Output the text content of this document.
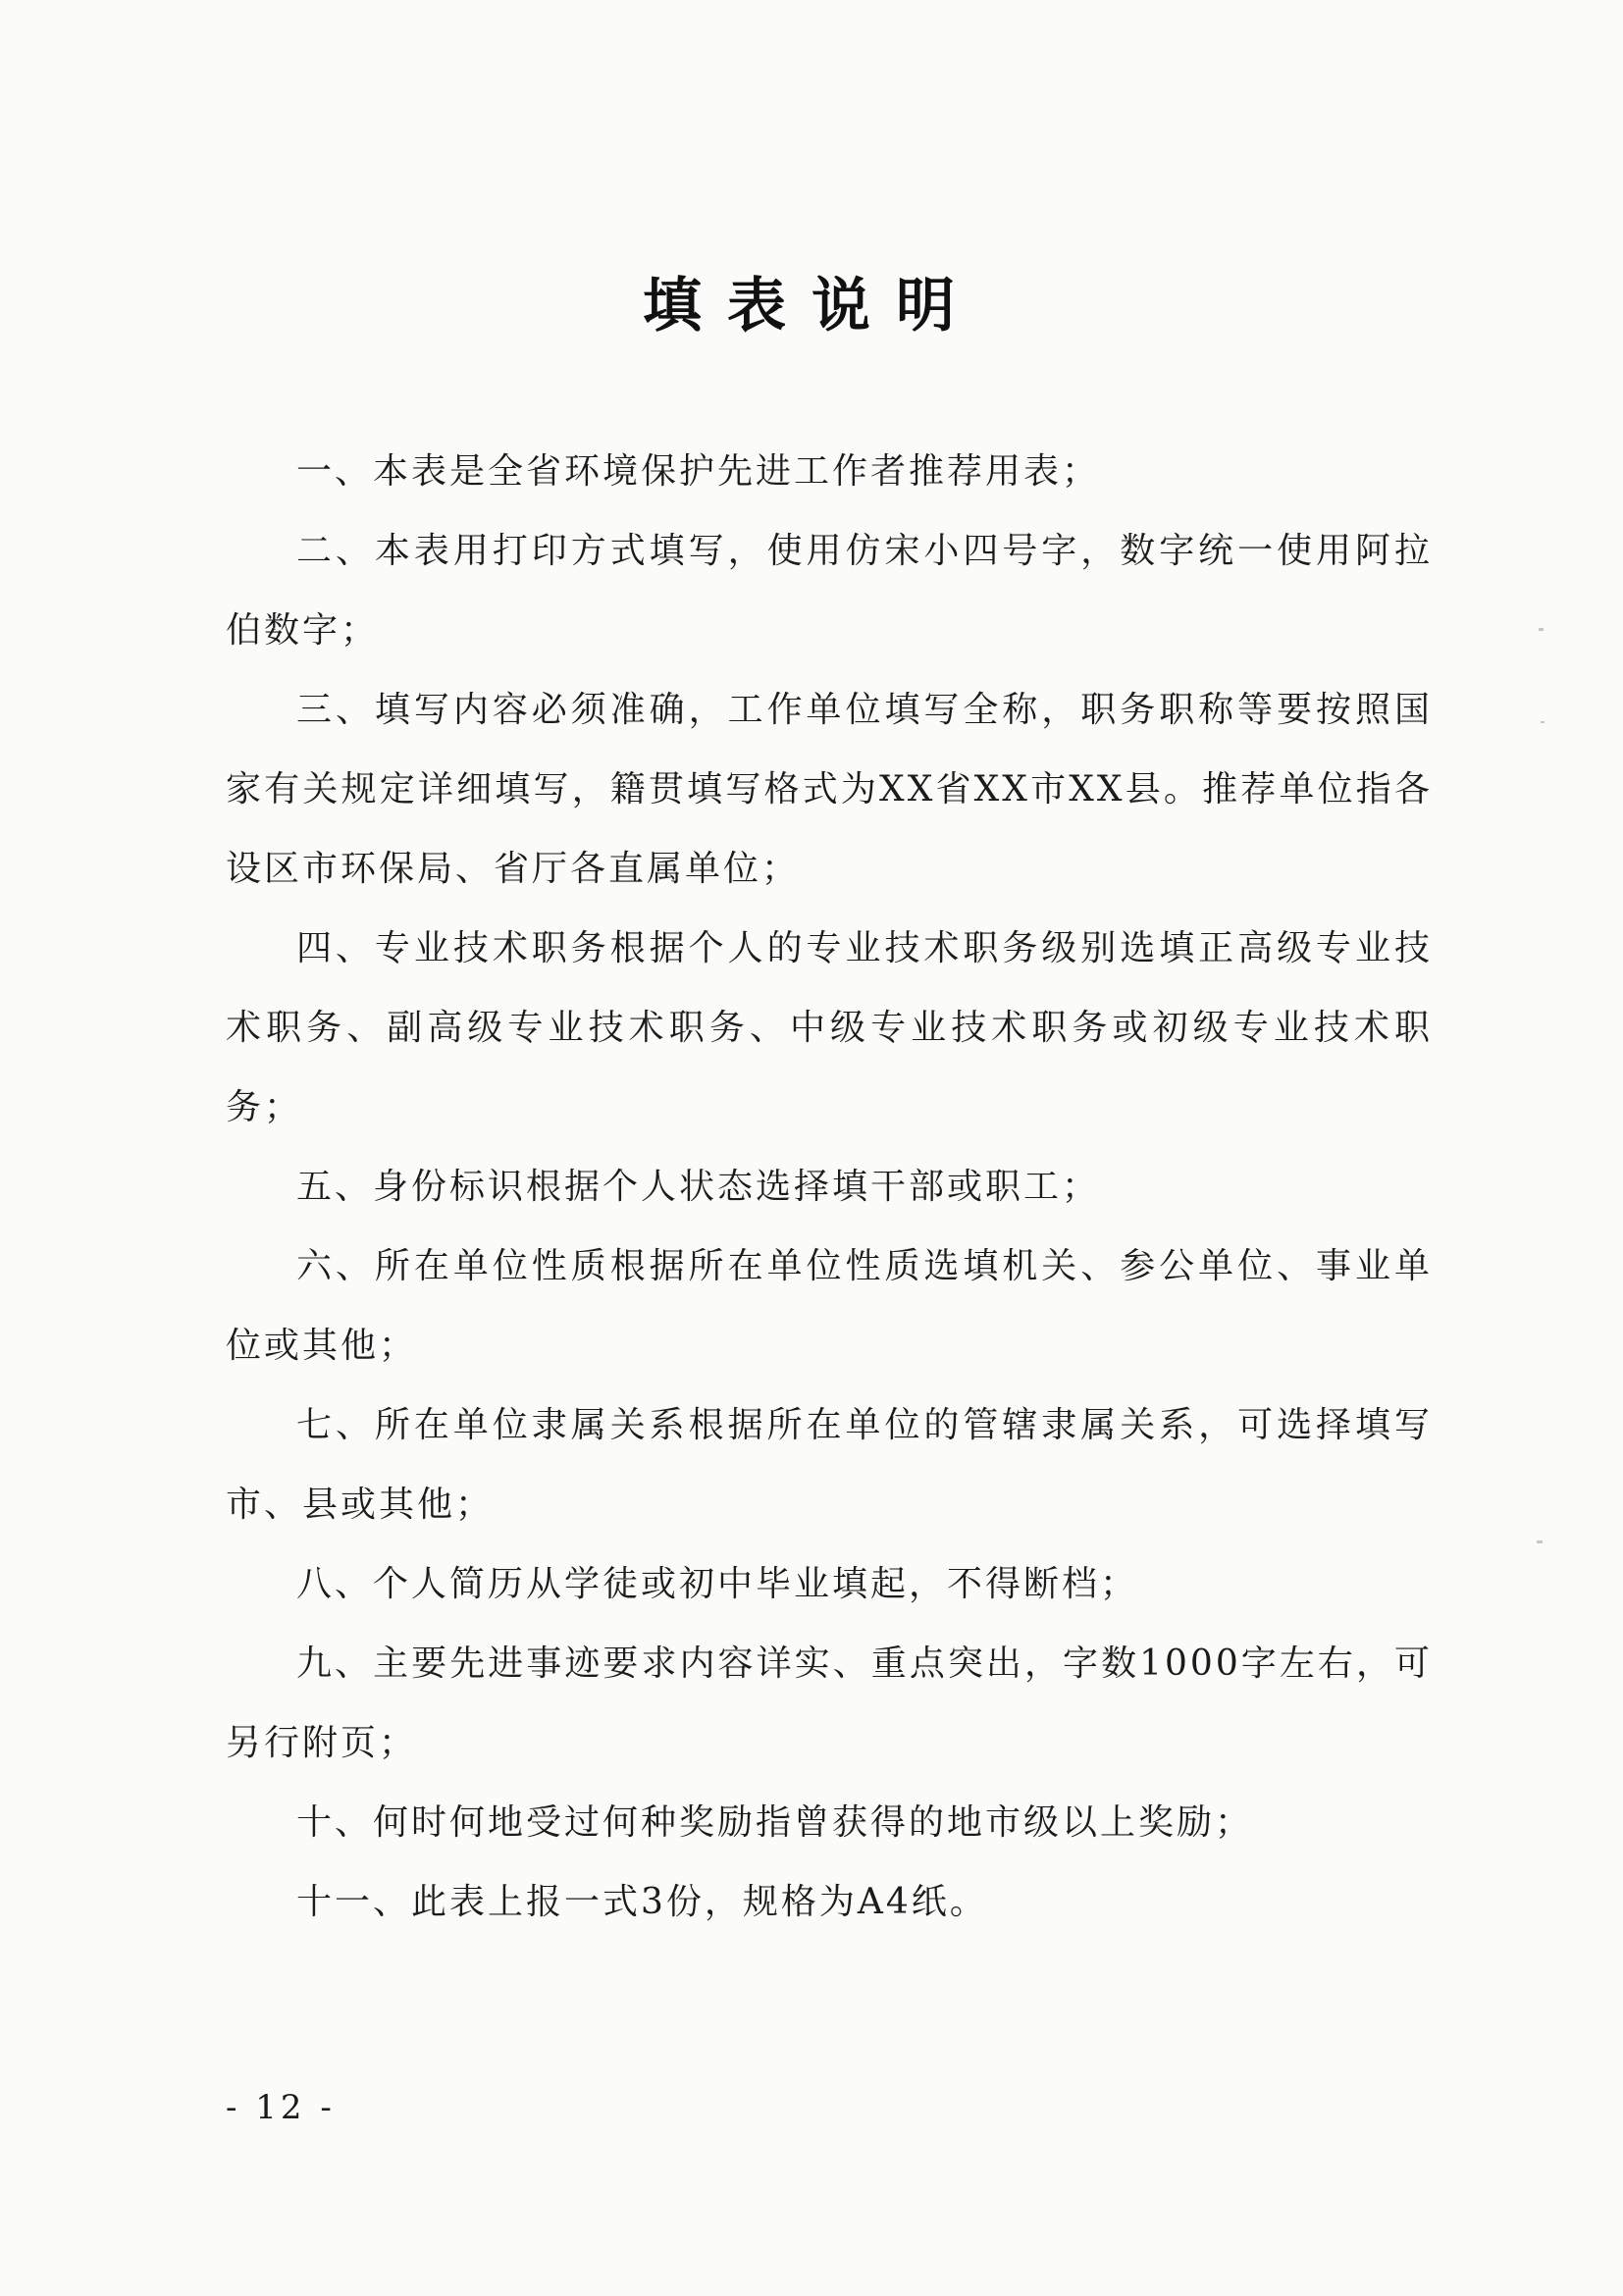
填表说明

一、本表是全省环境保护先进工作者推荐用表；

二、本表用打印方式填写，使用仿宋小四号字，数字统一使用阿拉伯数字；

三、填写内容必须准确，工作单位填写全称，职务职称等要按照国家有关规定详细填写，籍贯填写格式为XX省XX市XX县。推荐单位指各设区市环保局、省厅各直属单位；

四、专业技术职务根据个人的专业技术职务级别选填正高级专业技术职务、副高级专业技术职务、中级专业技术职务或初级专业技术职务；

五、身份标识根据个人状态选择填干部或职工；

六、所在单位性质根据所在单位性质选填机关、参公单位、事业单位或其他；

七、所在单位隶属关系根据所在单位的管辖隶属关系，可选择填写市、县或其他；

八、个人简历从学徒或初中毕业填起，不得断档；

九、主要先进事迹要求内容详实、重点突出，字数1000字左右，可另行附页；

十、何时何地受过何种奖励指曾获得的地市级以上奖励；

十一、此表上报一式3份，规格为A4纸。

- 12 -
